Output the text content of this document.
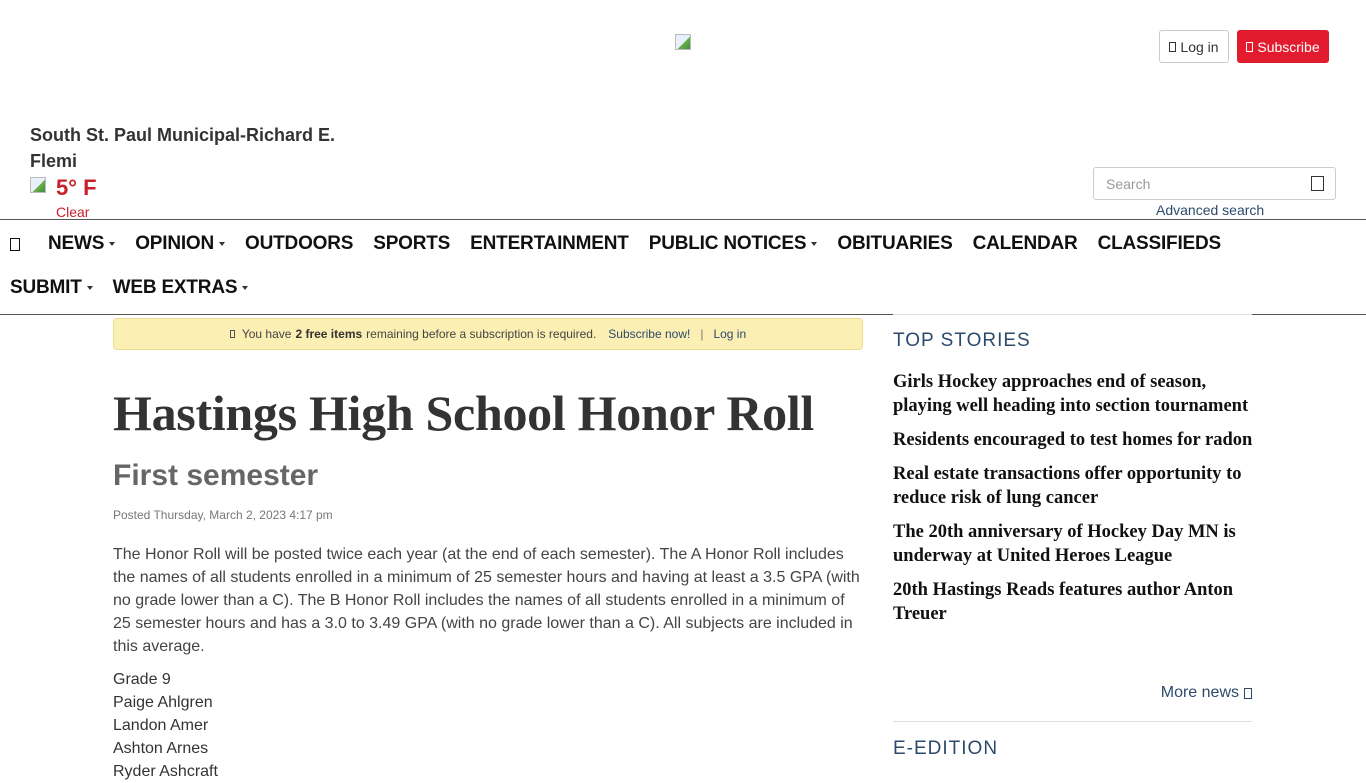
Log in	Subscribe
South St. Paul Municipal-Richard E. Flemi
5° F
Clear
Search	Advanced search
NEWS OPINION OUTDOORS SPORTS ENTERTAINMENT PUBLIC NOTICES OBITUARIES CALENDAR CLASSIFIEDS
SUBMIT WEB EXTRAS
You have 2 free items remaining before a subscription is required. Subscribe now! | Log in
Hastings High School Honor Roll
First semester
Posted Thursday, March 2, 2023 4:17 pm

The Honor Roll will be posted twice each year (at the end of each semester). The A Honor Roll includes the names of all students enrolled in a minimum of 25 semester hours and having at least a 3.5 GPA (with no grade lower than a C). The B Honor Roll includes the names of all students enrolled in a minimum of 25 semester hours and has a 3.0 to 3.49 GPA (with no grade lower than a C). All subjects are included in this average.

Grade 9
Paige Ahlgren
Landon Amer
Ashton Arnes
Ryder Ashcraft
TOP STORIES
Girls Hockey approaches end of season, playing well heading into section tournament
Residents encouraged to test homes for radon
Real estate transactions offer opportunity to reduce risk of lung cancer
The 20th anniversary of Hockey Day MN is underway at United Heroes League
20th Hastings Reads features author Anton Treuer
More news
E-EDITION
